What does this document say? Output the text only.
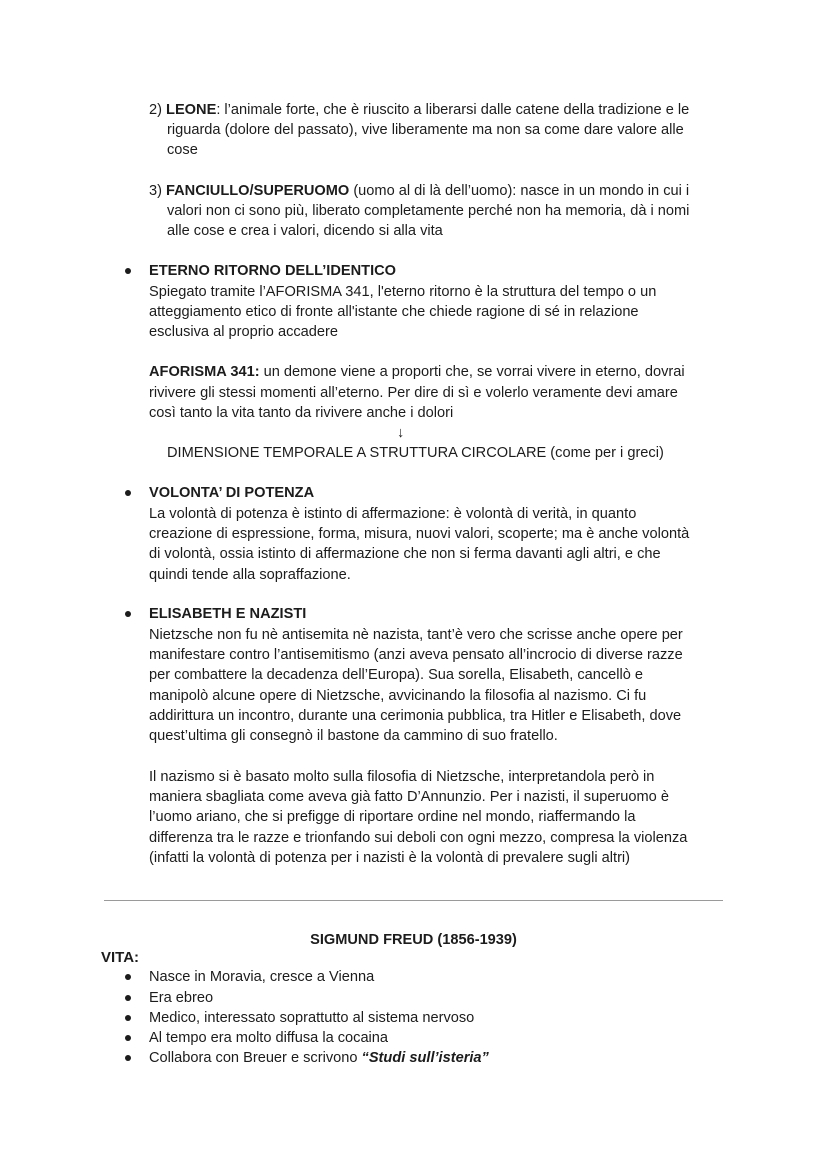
2) LEONE: l’animale forte, che è riuscito a liberarsi dalle catene della tradizione e le

riguarda (dolore del passato), vive liberamente ma non sa come dare valore alle

cose

3) FANCIULLO/SUPERUOMO (uomo al di là dell’uomo): nasce in un mondo in cui i

valori non ci sono più, liberato completamente perché non ha memoria, dà i nomi

alle cose e crea i valori, dicendo si alla vita

ETERNO RITORNO DELL’IDENTICO

Spiegato tramite l’AFORISMA 341, l'eterno ritorno è la struttura del tempo o un

atteggiamento etico di fronte all'istante che chiede ragione di sé in relazione

esclusiva al proprio accadere

AFORISMA 341: un demone viene a proporti che, se vorrai vivere in eterno, dovrai

rivivere gli stessi momenti all’eterno. Per dire di sì e volerlo veramente devi amare

così tanto la vita tanto da rivivere anche i dolori

↓

DIMENSIONE TEMPORALE A STRUTTURA CIRCOLARE (come per i greci)

VOLONTA’ DI POTENZA

La volontà di potenza è istinto di affermazione: è volontà di verità, in quanto

creazione di espressione, forma, misura, nuovi valori, scoperte; ma è anche volontà

di volontà, ossia istinto di affermazione che non si ferma davanti agli altri, e che

quindi tende alla sopraffazione.

ELISABETH E NAZISTI

Nietzsche non fu nè antisemita nè nazista, tant’è vero che scrisse anche opere per

manifestare contro l’antisemitismo (anzi aveva pensato all’incrocio di diverse razze

per combattere la decadenza dell’Europa). Sua sorella, Elisabeth, cancellò e

manipolò alcune opere di Nietzsche, avvicinando la filosofia al nazismo. Ci fu

addirittura un incontro, durante una cerimonia pubblica, tra Hitler e Elisabeth, dove

quest’ultima gli consegnò il bastone da cammino di suo fratello.

Il nazismo si è basato molto sulla filosofia di Nietzsche, interpretandola però in

maniera sbagliata come aveva già fatto D’Annunzio. Per i nazisti, il superuomo è

l’uomo ariano, che si prefigge di riportare ordine nel mondo, riaffermando la

differenza tra le razze e trionfando sui deboli con ogni mezzo, compresa la violenza

(infatti la volontà di potenza per i nazisti è la volontà di prevalere sugli altri)

SIGMUND FREUD (1856-1939)

VITA:

Nasce in Moravia, cresce a Vienna

Era ebreo

Medico, interessato soprattutto al sistema nervoso

Al tempo era molto diffusa la cocaina

Collabora con Breuer e scrivono “Studi sull’isteria”
